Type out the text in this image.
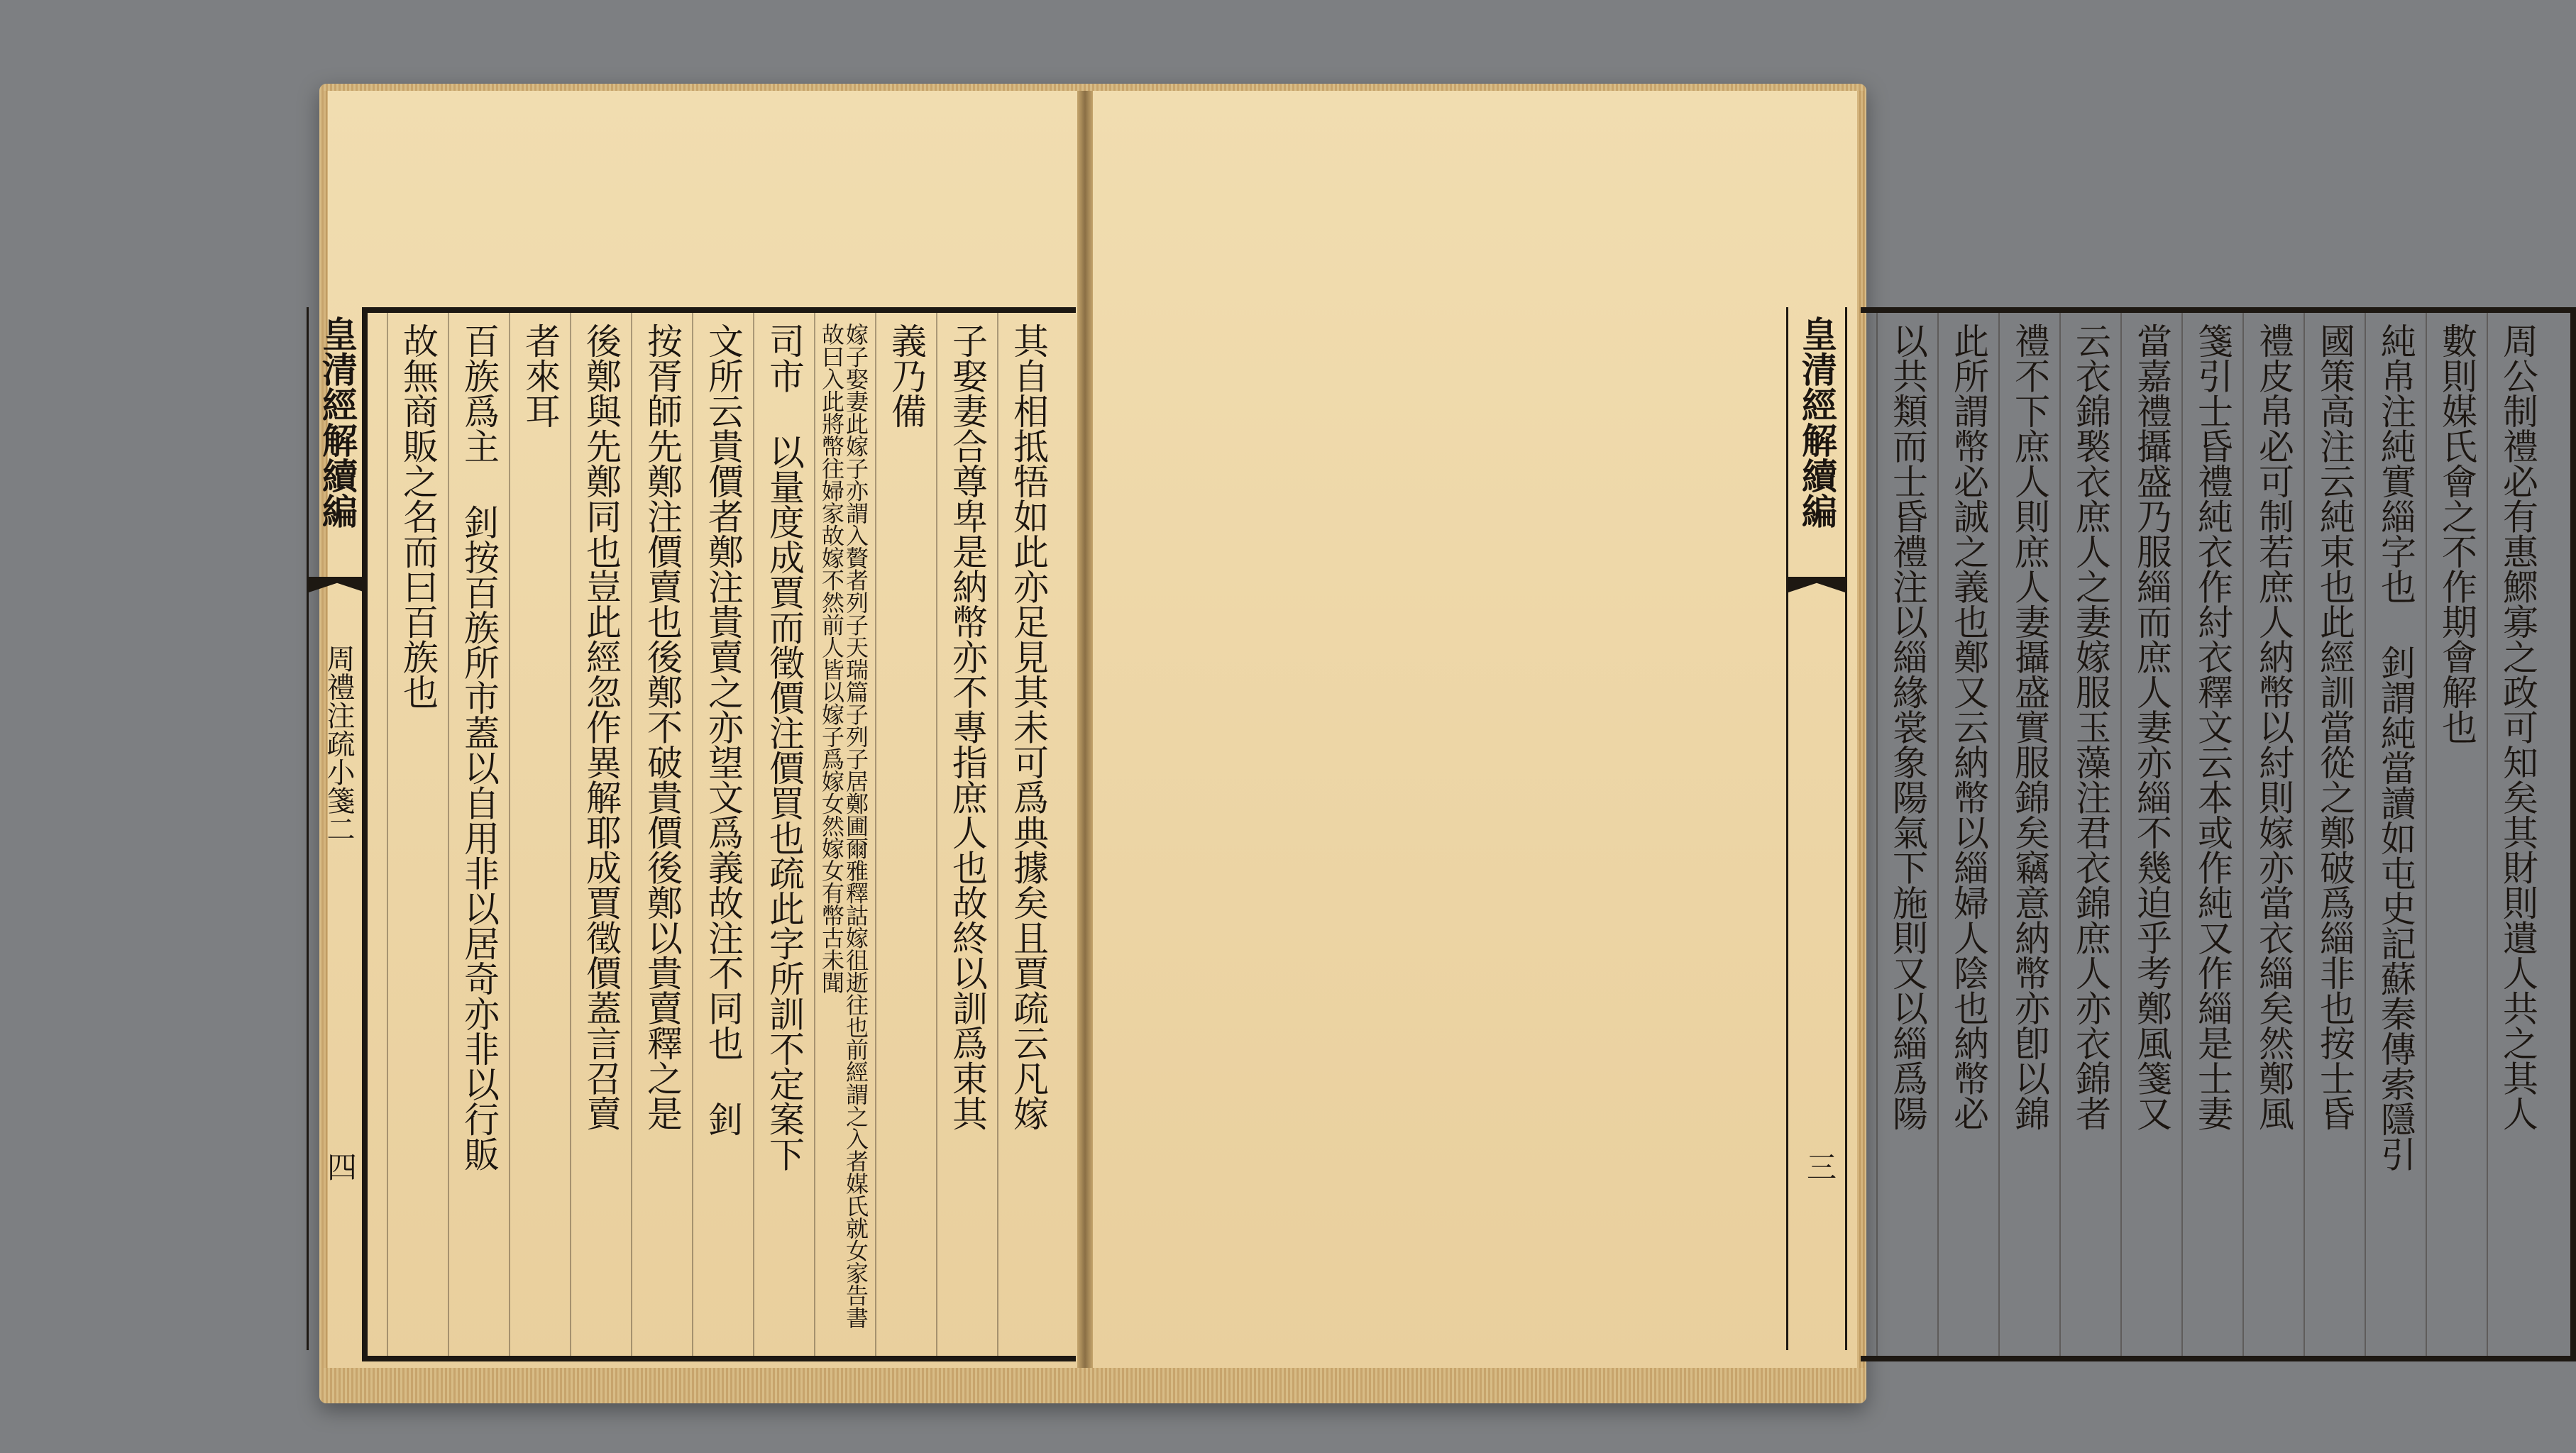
其自相抵牾如此亦足見其未可爲典據矣且賈疏云凡嫁
子娶妻合尊卑是納幣亦不專指庶人也故終以訓爲束其
義乃備
嫁子娶妻此嫁子亦謂入贅者列子天瑞篇子列子居鄭圃爾雅釋詁嫁徂逝往也前經謂之入者媒氏就女家告書故曰入此將幣往婦家故嫁不然前人皆以嫁子爲嫁女然嫁女有幣古未聞
司市 以量度成賈而徵價注價買也疏此字所訓不定案下
文所云貴價者鄭注貴賣之亦望文爲義故注不同也 釗
按胥師先鄭注價賣也後鄭不破貴價後鄭以貴賣釋之是
後鄭與先鄭同也豈此經忽作異解耶成賈徵價蓋言召賣
者來耳
百族爲主 釗按百族所市蓋以自用非以居奇亦非以行販
故無商販之名而曰百族也	周公制禮必有惠鰥寡之政可知矣其財則遺人共之其人
數則媒氏會之不作期會解也
純帛注純實緇字也 釗謂純當讀如屯史記蘇秦傳索隱引
國策高注云純束也此經訓當從之鄭破爲緇非也按士昏
禮皮帛必可制若庶人納幣以紂則嫁亦當衣緇矣然鄭風
箋引士昏禮純衣作紂衣釋文云本或作純又作緇是士妻
當嘉禮攝盛乃服緇而庶人妻亦緇不幾迫乎考鄭風箋又
云衣錦褧衣庶人之妻嫁服玉藻注君衣錦庶人亦衣錦者
禮不下庶人則庶人妻攝盛實服錦矣竊意納幣亦卽以錦
此所謂幣必誠之義也鄭又云納幣以緇婦人陰也納幣必
以共類而士昏禮注以緇緣裳象陽氣下施則又以緇爲陽
皇清經解續編
周禮注疏小箋二
四
皇清經解續編
三
